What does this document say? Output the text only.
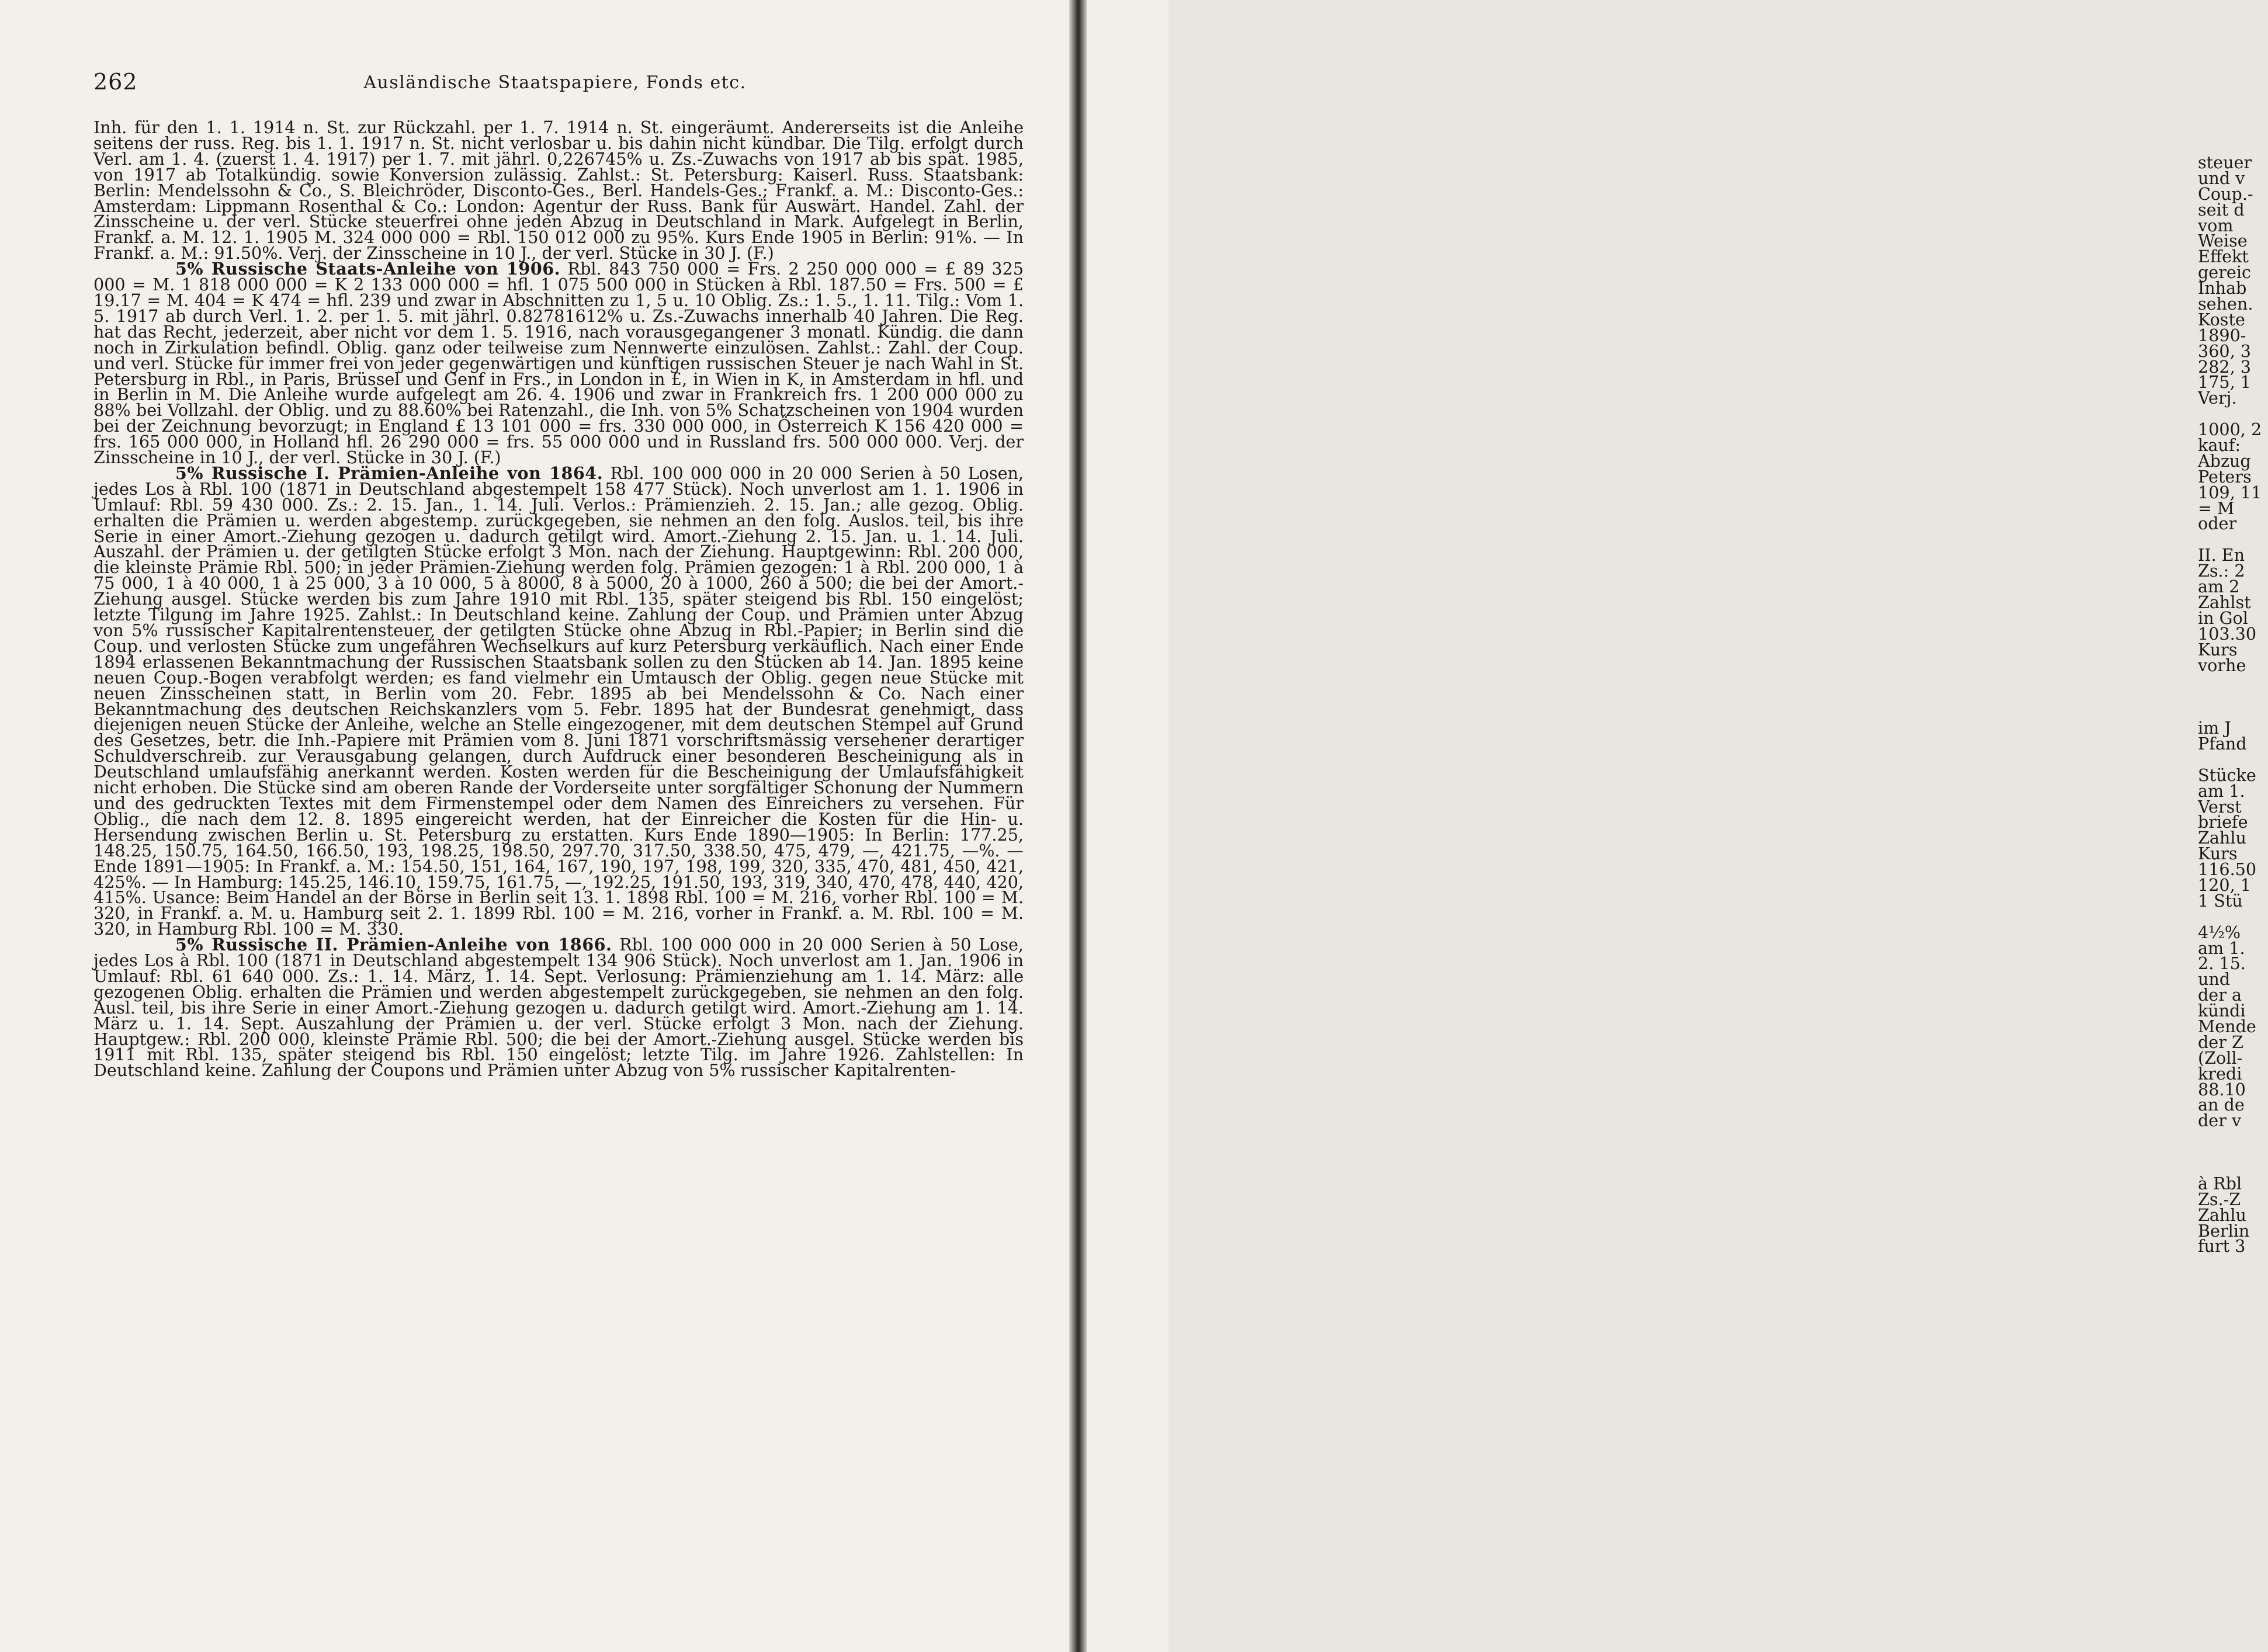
262	Ausländische Staatspapiere, Fonds etc.

Inh. für den 1. 1. 1914 n. St. zur Rückzahl. per 1. 7. 1914 n. St. eingeräumt. Andererseits ist die Anleihe seitens der russ. Reg. bis 1. 1. 1917 n. St. nicht verlosbar u. bis dahin nicht kündbar. Die Tilg. erfolgt durch Verl. am 1. 4. (zuerst 1. 4. 1917) per 1. 7. mit jährl. 0,226745% u. Zs.-Zuwachs von 1917 ab bis spät. 1985, von 1917 ab Totalkündig. sowie Konversion zulässig. Zahlst.: St. Petersburg: Kaiserl. Russ. Staatsbank: Berlin: Mendelssohn & Co., S. Bleichröder, Disconto-Ges., Berl. Handels-Ges.; Frankf. a. M.: Disconto-Ges.: Amsterdam: Lippmann Rosenthal & Co.: London: Agentur der Russ. Bank für Auswärt. Handel. Zahl. der Zinsscheine u. der verl. Stücke steuerfrei ohne jeden Abzug in Deutschland in Mark. Aufgelegt in Berlin, Frankf. a. M. 12. 1. 1905 M. 324 000 000 = Rbl. 150 012 000 zu 95%. Kurs Ende 1905 in Berlin: 91%. — In Frankf. a. M.: 91.50%. Verj. der Zinsscheine in 10 J., der verl. Stücke in 30 J. (F.)

5% Russische Staats-Anleihe von 1906. Rbl. 843 750 000 = Frs. 2 250 000 000 = £ 89 325 000 = M. 1 818 000 000 = K 2 133 000 000 = hfl. 1 075 500 000 in Stücken à Rbl. 187.50 = Frs. 500 = £ 19.17 = M. 404 = K 474 = hfl. 239 und zwar in Abschnitten zu 1, 5 u. 10 Oblig. Zs.: 1. 5., 1. 11. Tilg.: Vom 1. 5. 1917 ab durch Verl. 1. 2. per 1. 5. mit jährl. 0.82781612% u. Zs.-Zuwachs innerhalb 40 Jahren. Die Reg. hat das Recht, jederzeit, aber nicht vor dem 1. 5. 1916, nach vorausgegangener 3 monatl. Kündig. die dann noch in Zirkulation befindl. Oblig. ganz oder teilweise zum Nennwerte einzulösen. Zahlst.: Zahl. der Coup. und verl. Stücke für immer frei von jeder gegenwärtigen und künftigen russischen Steuer je nach Wahl in St. Petersburg in Rbl., in Paris, Brüssel und Genf in Frs., in London in £, in Wien in K, in Amsterdam in hfl. und in Berlin in M. Die Anleihe wurde aufgelegt am 26. 4. 1906 und zwar in Frankreich frs. 1 200 000 000 zu 88% bei Vollzahl. der Oblig. und zu 88.60% bei Ratenzahl., die Inh. von 5% Schatzscheinen von 1904 wurden bei der Zeichnung bevorzugt; in England £ 13 101 000 = frs. 330 000 000, in Österreich K 156 420 000 = frs. 165 000 000, in Holland hfl. 26 290 000 = frs. 55 000 000 und in Russland frs. 500 000 000. Verj. der Zinsscheine in 10 J., der verl. Stücke in 30 J. (F.)

5% Russische I. Prämien-Anleihe von 1864. Rbl. 100 000 000 in 20 000 Serien à 50 Losen, jedes Los à Rbl. 100 (1871 in Deutschland abgestempelt 158 477 Stück). Noch unverlost am 1. 1. 1906 in Umlauf: Rbl. 59 430 000. Zs.: 2. 15. Jan., 1. 14. Juli. Verlos.: Prämienzieh. 2. 15. Jan.; alle gezog. Oblig. erhalten die Prämien u. werden abgestemp. zurückgegeben, sie nehmen an den folg. Auslos. teil, bis ihre Serie in einer Amort.-Ziehung gezogen u. dadurch getilgt wird. Amort.-Ziehung 2. 15. Jan. u. 1. 14. Juli. Auszahl. der Prämien u. der getilgten Stücke erfolgt 3 Mon. nach der Ziehung. Hauptgewinn: Rbl. 200 000, die kleinste Prämie Rbl. 500; in jeder Prämien-Ziehung werden folg. Prämien gezogen: 1 à Rbl. 200 000, 1 à 75 000, 1 à 40 000, 1 à 25 000, 3 à 10 000, 5 à 8000, 8 à 5000, 20 à 1000, 260 à 500; die bei der Amort.-Ziehung ausgel. Stücke werden bis zum Jahre 1910 mit Rbl. 135, später steigend bis Rbl. 150 eingelöst; letzte Tilgung im Jahre 1925. Zahlst.: In Deutschland keine. Zahlung der Coup. und Prämien unter Abzug von 5% russischer Kapitalrentensteuer, der getilgten Stücke ohne Abzug in Rbl.-Papier; in Berlin sind die Coup. und verlosten Stücke zum ungefähren Wechselkurs auf kurz Petersburg verkäuflich. Nach einer Ende 1894 erlassenen Bekanntmachung der Russischen Staatsbank sollen zu den Stücken ab 14. Jan. 1895 keine neuen Coup.-Bogen verabfolgt werden; es fand vielmehr ein Umtausch der Oblig. gegen neue Stücke mit neuen Zinsscheinen statt, in Berlin vom 20. Febr. 1895 ab bei Mendelssohn & Co. Nach einer Bekanntmachung des deutschen Reichskanzlers vom 5. Febr. 1895 hat der Bundesrat genehmigt, dass diejenigen neuen Stücke der Anleihe, welche an Stelle eingezogener, mit dem deutschen Stempel auf Grund des Gesetzes, betr. die Inh.-Papiere mit Prämien vom 8. Juni 1871 vorschriftsmässig versehener derartiger Schuldverschreib. zur Verausgabung gelangen, durch Aufdruck einer besonderen Bescheinigung als in Deutschland umlaufsfähig anerkannt werden. Kosten werden für die Bescheinigung der Umlaufsfähigkeit nicht erhoben. Die Stücke sind am oberen Rande der Vorderseite unter sorgfältiger Schonung der Nummern und des gedruckten Textes mit dem Firmenstempel oder dem Namen des Einreichers zu versehen. Für Oblig., die nach dem 12. 8. 1895 eingereicht werden, hat der Einreicher die Kosten für die Hin- u. Hersendung zwischen Berlin u. St. Petersburg zu erstatten. Kurs Ende 1890—1905: In Berlin: 177.25, 148.25, 150.75, 164.50, 166.50, 193, 198.25, 198.50, 297.70, 317.50, 338.50, 475, 479, —, 421.75, —%. — Ende 1891—1905: In Frankf. a. M.: 154.50, 151, 164, 167, 190, 197, 198, 199, 320, 335, 470, 481, 450, 421, 425%. — In Hamburg: 145.25, 146.10, 159.75, 161.75, —, 192.25, 191.50, 193, 319, 340, 470, 478, 440, 420, 415%. Usance: Beim Handel an der Börse in Berlin seit 13. 1. 1898 Rbl. 100 = M. 216, vorher Rbl. 100 = M. 320, in Frankf. a. M. u. Hamburg seit 2. 1. 1899 Rbl. 100 = M. 216, vorher in Frankf. a. M. Rbl. 100 = M. 320, in Hamburg Rbl. 100 = M. 330.

5% Russische II. Prämien-Anleihe von 1866. Rbl. 100 000 000 in 20 000 Serien à 50 Lose, jedes Los à Rbl. 100 (1871 in Deutschland abgestempelt 134 906 Stück). Noch unverlost am 1. Jan. 1906 in Umlauf: Rbl. 61 640 000. Zs.: 1. 14. März, 1. 14. Sept. Verlosung: Prämienziehung am 1. 14. März: alle gezogenen Oblig. erhalten die Prämien und werden abgestempelt zurückgegeben, sie nehmen an den folg. Ausl. teil, bis ihre Serie in einer Amort.-Ziehung gezogen u. dadurch getilgt wird. Amort.-Ziehung am 1. 14. März u. 1. 14. Sept. Auszahlung der Prämien u. der verl. Stücke erfolgt 3 Mon. nach der Ziehung. Hauptgew.: Rbl. 200 000, kleinste Prämie Rbl. 500; die bei der Amort.-Ziehung ausgel. Stücke werden bis 1911 mit Rbl. 135, später steigend bis Rbl. 150 eingelöst; letzte Tilg. im Jahre 1926. Zahlstellen: In Deutschland keine. Zahlung der Coupons und Prämien unter Abzug von 5% russischer Kapitalrenten-

steuer
und v
Coup.-
seit d
vom
Weise
Effekt
gereic
Inhab
sehen.
Koste
1890-
360, 3
282, 3
175, 1
Verj.
1000, 2
kauf:
Abzug
Peters
109, 11
= M
oder
II. En
Zs.: 2
am 2
Zahlst
in Gol
103.30
Kurs
vorhe
im J
Pfand
Stücke
am 1.
Verst
briefe
Zahlu
Kurs
116.50
120, 1
1 Stü
4½%
am 1.
2. 15.
und
der a
kündi
Mende
der Z
(Zoll-
kredi
88.10
an de
der v
à Rbl
Zs.-Z
Zahlu
Berlin
furt 3
